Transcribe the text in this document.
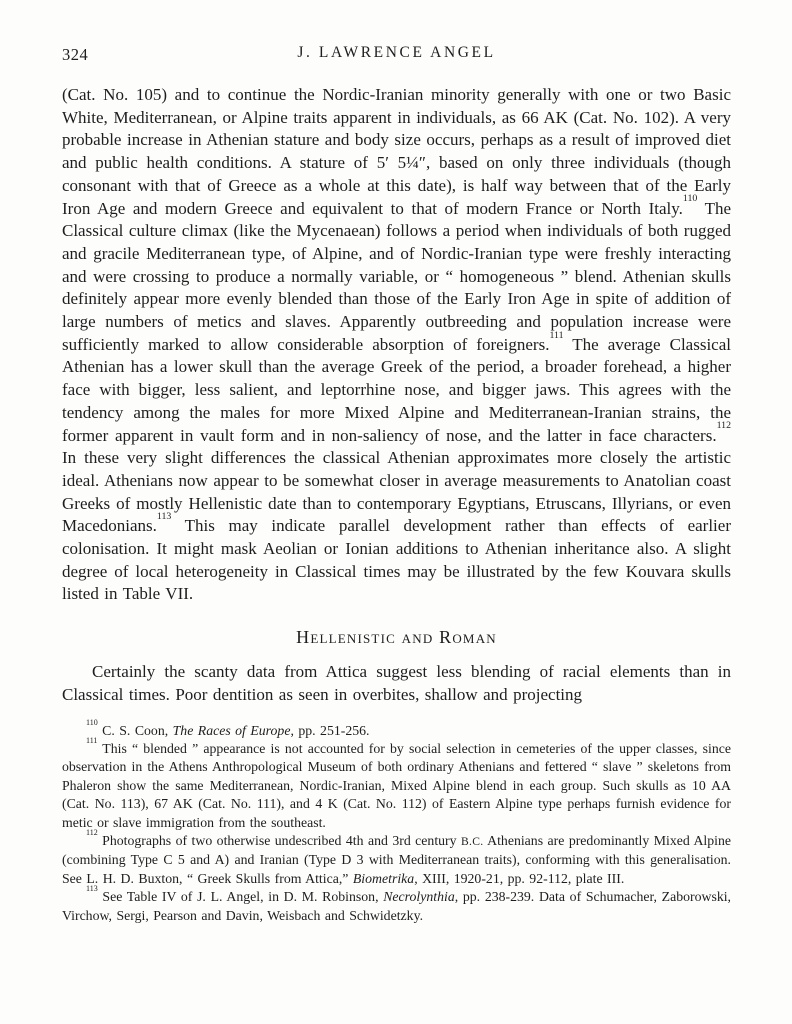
324	J. LAWRENCE ANGEL

(Cat. No. 105) and to continue the Nordic-Iranian minority generally with one or two Basic White, Mediterranean, or Alpine traits apparent in individuals, as 66 AK (Cat. No. 102). A very probable increase in Athenian stature and body size occurs, perhaps as a result of improved diet and public health conditions. A stature of 5′ 5¼″, based on only three individuals (though consonant with that of Greece as a whole at this date), is half way between that of the Early Iron Age and modern Greece and equivalent to that of modern France or North Italy.$^{110}$ The Classical culture climax (like the Mycenaean) follows a period when individuals of both rugged and gracile Mediterranean type, of Alpine, and of Nordic-Iranian type were freshly interacting and were crossing to produce a normally variable, or “ homogeneous ” blend. Athenian skulls definitely appear more evenly blended than those of the Early Iron Age in spite of addition of large numbers of metics and slaves. Apparently outbreeding and population increase were sufficiently marked to allow considerable absorption of foreigners.$^{111}$ The average Classical Athenian has a lower skull than the average Greek of the period, a broader forehead, a higher face with bigger, less salient, and leptorrhine nose, and bigger jaws. This agrees with the tendency among the males for more Mixed Alpine and Mediterranean-Iranian strains, the former apparent in vault form and in non-saliency of nose, and the latter in face characters.$^{112}$ In these very slight differences the classical Athenian approximates more closely the artistic ideal. Athenians now appear to be somewhat closer in average measurements to Anatolian coast Greeks of mostly Hellenistic date than to contemporary Egyptians, Etruscans, Illyrians, or even Macedonians.$^{113}$ This may indicate parallel development rather than effects of earlier colonisation. It might mask Aeolian or Ionian additions to Athenian inheritance also. A slight degree of local heterogeneity in Classical times may be illustrated by the few Kouvara skulls listed in Table VII.

Hellenistic and Roman

Certainly the scanty data from Attica suggest less blending of racial elements than in Classical times. Poor dentition as seen in overbites, shallow and projecting

$^{110}$ C. S. Coon, The Races of Europe, pp. 251-256.

$^{111}$ This “ blended ” appearance is not accounted for by social selection in cemeteries of the upper classes, since observation in the Athens Anthropological Museum of both ordinary Athenians and fettered “ slave ” skeletons from Phaleron show the same Mediterranean, Nordic-Iranian, Mixed Alpine blend in each group. Such skulls as 10 AA (Cat. No. 113), 67 AK (Cat. No. 111), and 4 K (Cat. No. 112) of Eastern Alpine type perhaps furnish evidence for metic or slave immigration from the southeast.

$^{112}$ Photographs of two otherwise undescribed 4th and 3rd century B.C. Athenians are predominantly Mixed Alpine (combining Type C 5 and A) and Iranian (Type D 3 with Mediterranean traits), conforming with this generalisation. See L. H. D. Buxton, “ Greek Skulls from Attica,” Biometrika, XIII, 1920-21, pp. 92-112, plate III.

$^{113}$ See Table IV of J. L. Angel, in D. M. Robinson, Necrolynthia, pp. 238-239. Data of Schumacher, Zaborowski, Virchow, Sergi, Pearson and Davin, Weisbach and Schwidetzky.
